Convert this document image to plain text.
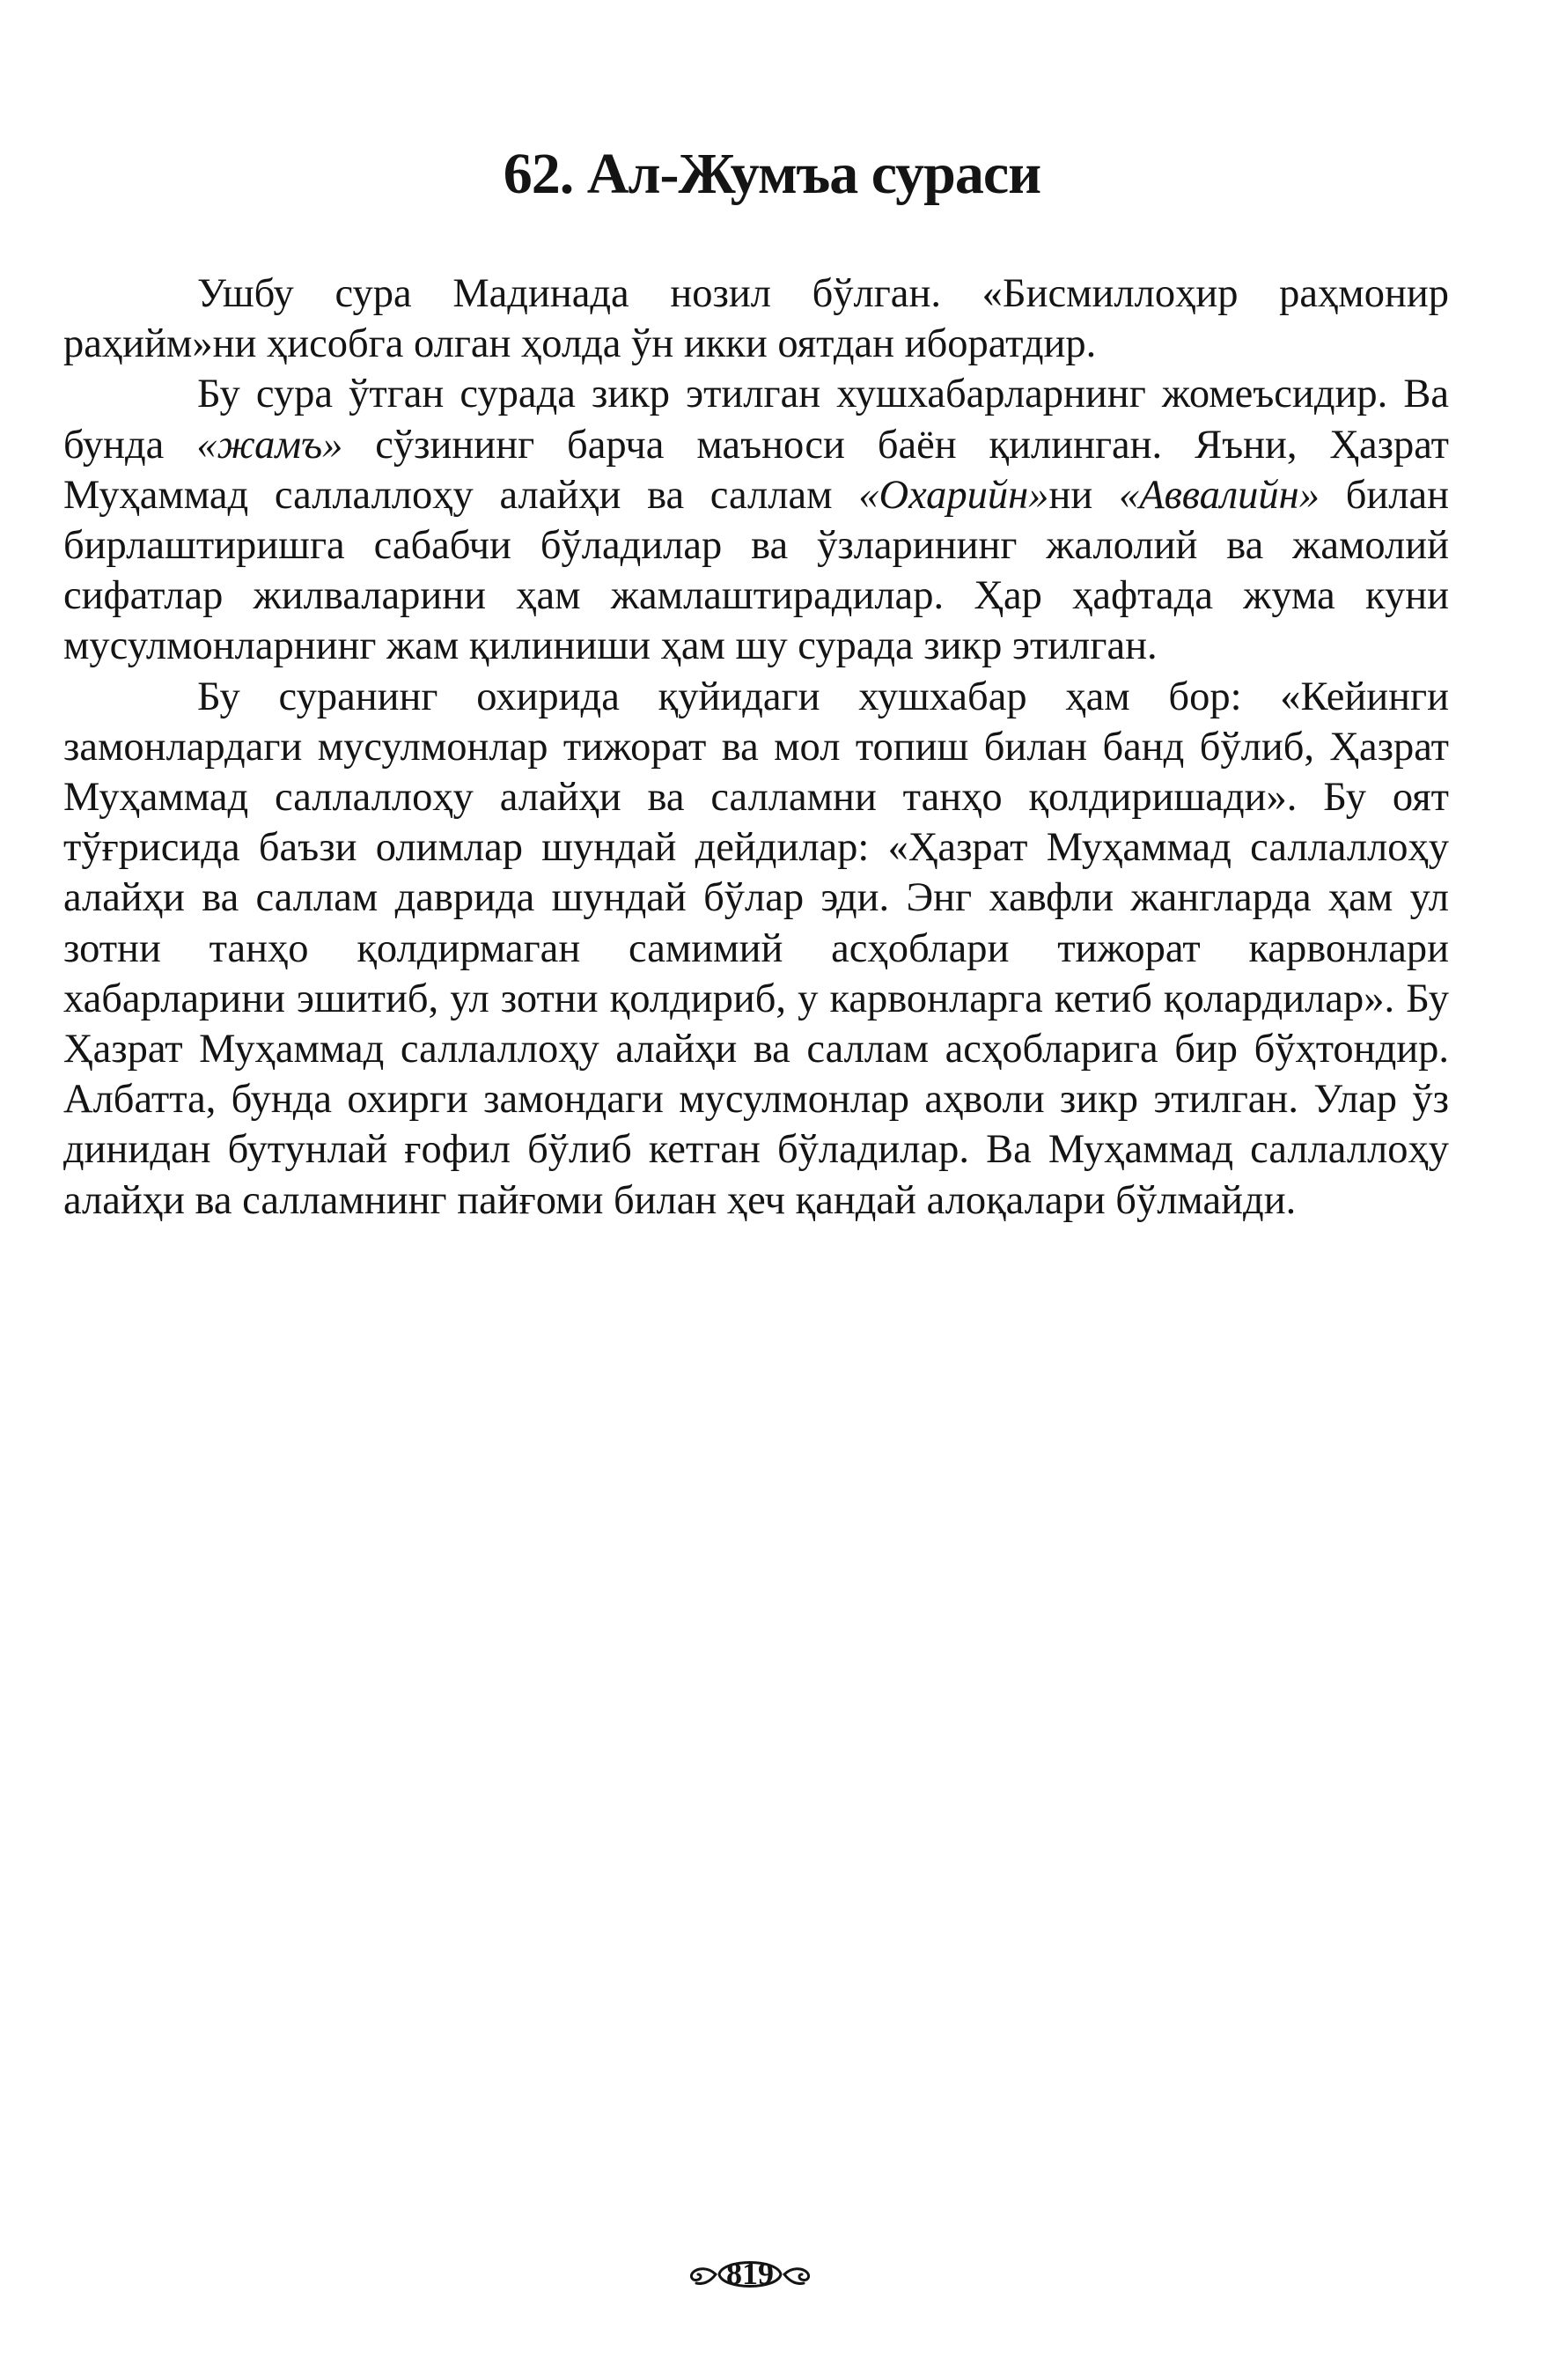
62. Ал-Жумъа сураси

Ушбу сура Мадинада нозил бўлган. «Бисмиллоҳир раҳмонир раҳийм»ни ҳисобга олган ҳолда ўн икки оятдан иборатдир.

Бу сура ўтган сурада зикр этилган хушхабарларнинг жомеъсидир. Ва бунда «жамъ» сўзининг барча маъноси баён қилинган. Яъни, Ҳазрат Муҳаммад саллаллоҳу алайҳи ва саллам «Охарийн»ни «Аввалийн» билан бирлаштиришга сабабчи бўладилар ва ўзларининг жалолий ва жамолий сифатлар жилваларини ҳам жамлаштирадилар. Ҳар ҳафтада жума куни мусулмонларнинг жам қилиниши ҳам шу сурада зикр этилган.

Бу суранинг охирида қуйидаги хушхабар ҳам бор: «Кейинги замонлардаги мусулмонлар тижорат ва мол топиш билан банд бўлиб, Ҳазрат Муҳаммад саллаллоҳу алайҳи ва салламни танҳо қолдиришади». Бу оят тўғрисида баъзи олимлар шундай дейдилар: «Ҳазрат Муҳаммад саллаллоҳу алайҳи ва саллам даврида шундай бўлар эди. Энг хавфли жангларда ҳам ул зотни танҳо қолдирмаган самимий асҳоблари тижорат карвонлари хабарларини эшитиб, ул зотни қолдириб, у карвонларга кетиб қолардилар». Бу Ҳазрат Муҳаммад саллаллоҳу алайҳи ва саллам асҳобларига бир бўҳтондир. Албатта, бунда охирги замондаги мусулмонлар аҳволи зикр этилган. Улар ўз динидан бутунлай ғофил бўлиб кетган бўладилар. Ва Муҳаммад саллаллоҳу алайҳи ва салламнинг пайғоми билан ҳеч қандай алоқалари бўлмайди.

819
